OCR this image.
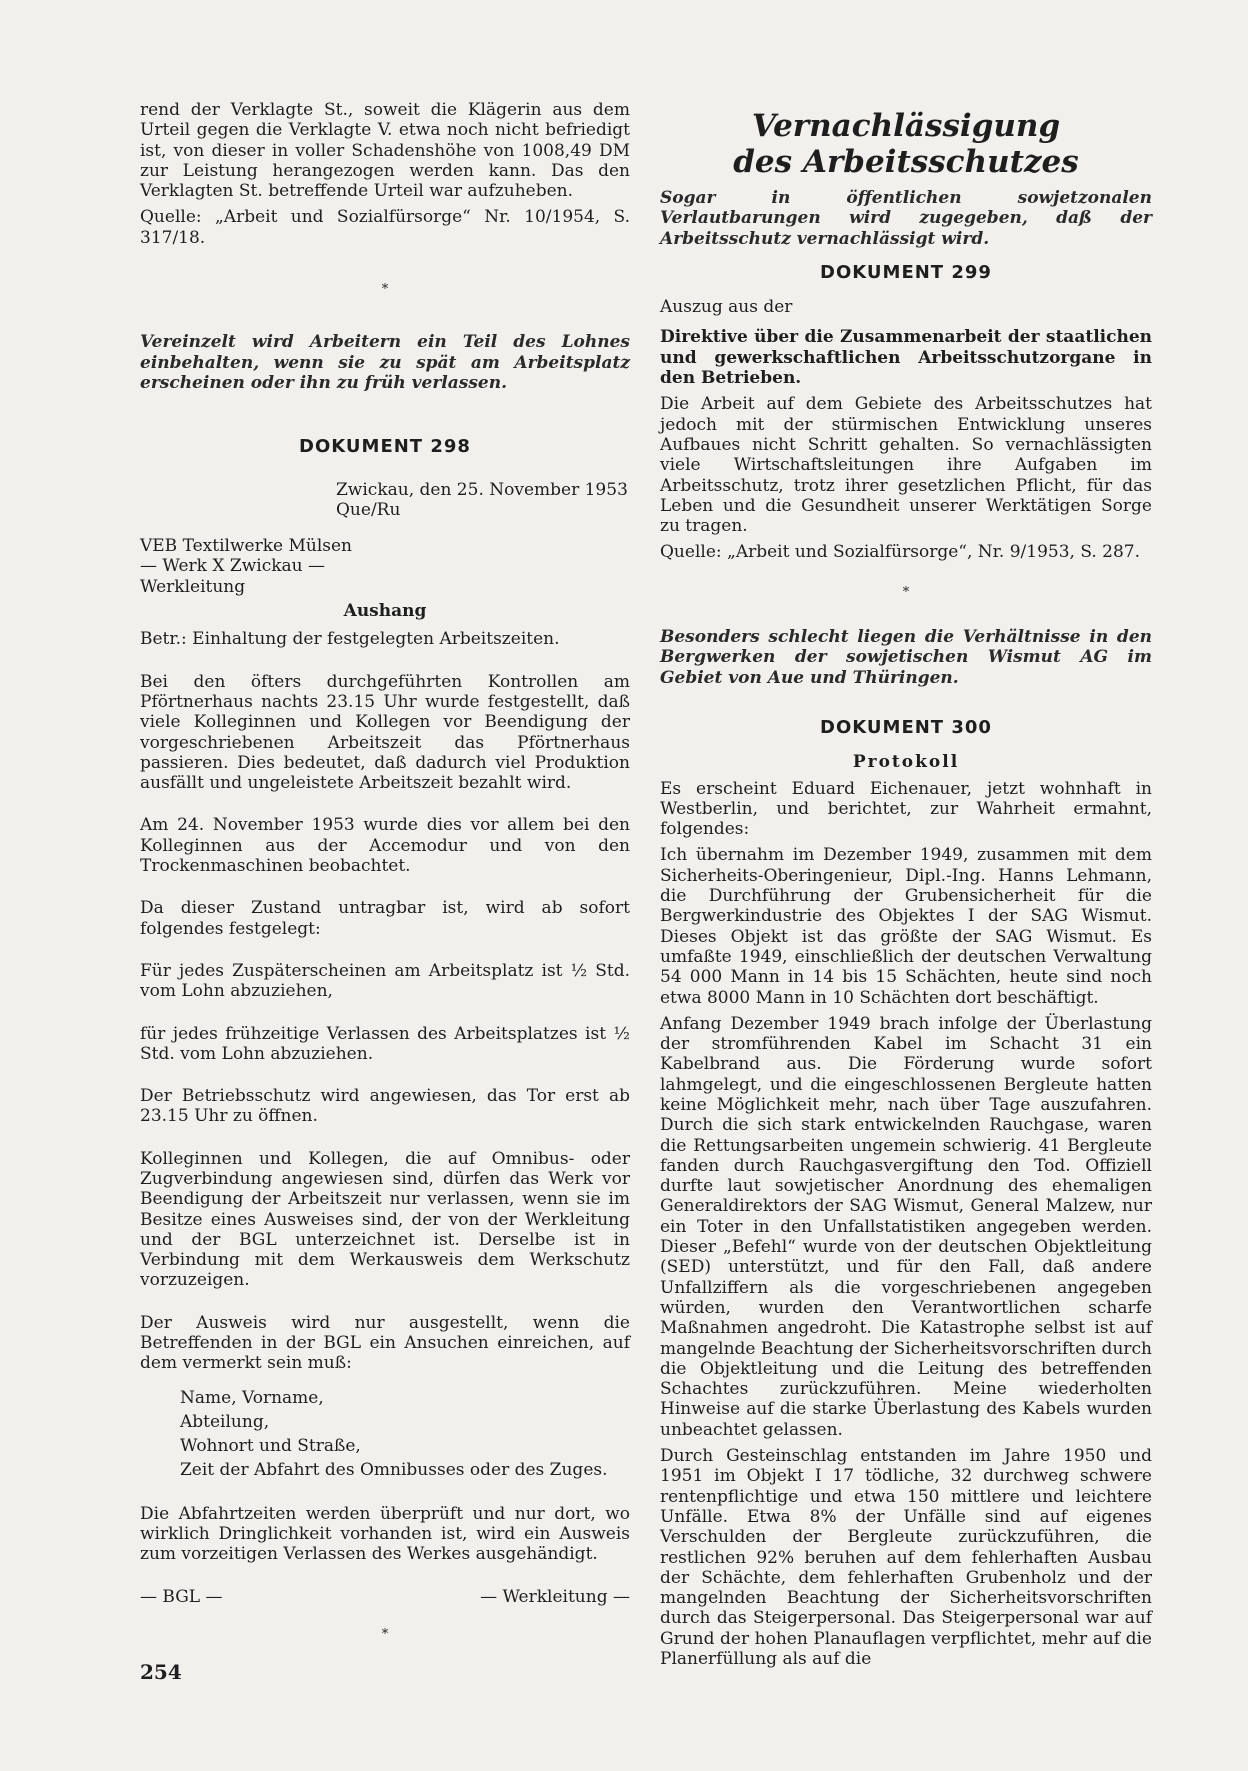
rend der Verklagte St., soweit die Klägerin aus dem Urteil gegen die Verklagte V. etwa noch nicht befriedigt ist, von dieser in voller Schadenshöhe von 1008,49 DM zur Leistung herangezogen werden kann. Das den Verklagten St. betreffende Urteil war aufzuheben.

Quelle: „Arbeit und Sozialfürsorge“ Nr. 10/1954, S. 317/18.

*

Vereinzelt wird Arbeitern ein Teil des Lohnes einbehalten, wenn sie zu spät am Arbeitsplatz erscheinen oder ihn zu früh verlassen.

DOKUMENT 298

Zwickau, den 25. November 1953

Que/Ru

VEB Textilwerke Mülsen

— Werk X Zwickau —

Werkleitung

Aushang

Betr.: Einhaltung der festgelegten Arbeitszeiten.

Bei den öfters durchgeführten Kontrollen am Pförtnerhaus nachts 23.15 Uhr wurde festgestellt, daß viele Kolleginnen und Kollegen vor Beendigung der vorgeschriebenen Arbeitszeit das Pförtnerhaus passieren. Dies bedeutet, daß dadurch viel Produktion ausfällt und ungeleistete Arbeitszeit bezahlt wird.

Am 24. November 1953 wurde dies vor allem bei den Kolleginnen aus der Accemodur und von den Trockenmaschinen beobachtet.

Da dieser Zustand untragbar ist, wird ab sofort folgendes festgelegt:

Für jedes Zuspäterscheinen am Arbeitsplatz ist ½ Std. vom Lohn abzuziehen,

für jedes frühzeitige Verlassen des Arbeitsplatzes ist ½ Std. vom Lohn abzuziehen.

Der Betriebsschutz wird angewiesen, das Tor erst ab 23.15 Uhr zu öffnen.

Kolleginnen und Kollegen, die auf Omnibus- oder Zugverbindung angewiesen sind, dürfen das Werk vor Beendigung der Arbeitszeit nur verlassen, wenn sie im Besitze eines Ausweises sind, der von der Werkleitung und der BGL unterzeichnet ist. Derselbe ist in Verbindung mit dem Werkausweis dem Werkschutz vorzuzeigen.

Der Ausweis wird nur ausgestellt, wenn die Betreffenden in der BGL ein Ansuchen einreichen, auf dem vermerkt sein muß:

Name, Vorname,

Abteilung,

Wohnort und Straße,

Zeit der Abfahrt des Omnibusses oder des Zuges.

Die Abfahrtzeiten werden überprüft und nur dort, wo wirklich Dringlichkeit vorhanden ist, wird ein Ausweis zum vorzeitigen Verlassen des Werkes ausgehändigt.

— BGL —	— Werkleitung —

*

Vernachlässigung
des Arbeitsschutzes

Sogar in öffentlichen sowjetzonalen Verlautbarungen wird zugegeben, daß der Arbeitsschutz vernachlässigt wird.

DOKUMENT 299

Auszug aus der

Direktive über die Zusammenarbeit der staatlichen und gewerkschaftlichen Arbeitsschutzorgane in den Betrieben.

Die Arbeit auf dem Gebiete des Arbeitsschutzes hat jedoch mit der stürmischen Entwicklung unseres Aufbaues nicht Schritt gehalten. So vernachlässigten viele Wirtschaftsleitungen ihre Aufgaben im Arbeitsschutz, trotz ihrer gesetzlichen Pflicht, für das Leben und die Gesundheit unserer Werktätigen Sorge zu tragen.

Quelle: „Arbeit und Sozialfürsorge“, Nr. 9/1953, S. 287.

*

Besonders schlecht liegen die Verhältnisse in den Bergwerken der sowjetischen Wismut AG im Gebiet von Aue und Thüringen.

DOKUMENT 300

Protokoll

Es erscheint Eduard Eichenauer, jetzt wohnhaft in Westberlin, und berichtet, zur Wahrheit ermahnt, folgendes:

Ich übernahm im Dezember 1949, zusammen mit dem Sicherheits-Oberingenieur, Dipl.-Ing. Hanns Lehmann, die Durchführung der Grubensicherheit für die Bergwerkindustrie des Objektes I der SAG Wismut. Dieses Objekt ist das größte der SAG Wismut. Es umfaßte 1949, einschließlich der deutschen Verwaltung 54 000 Mann in 14 bis 15 Schächten, heute sind noch etwa 8000 Mann in 10 Schächten dort beschäftigt.

Anfang Dezember 1949 brach infolge der Überlastung der stromführenden Kabel im Schacht 31 ein Kabelbrand aus. Die Förderung wurde sofort lahmgelegt, und die eingeschlossenen Bergleute hatten keine Möglichkeit mehr, nach über Tage auszufahren. Durch die sich stark entwickelnden Rauchgase, waren die Rettungsarbeiten ungemein schwierig. 41 Bergleute fanden durch Rauchgasvergiftung den Tod. Offiziell durfte laut sowjetischer Anordnung des ehemaligen Generaldirektors der SAG Wismut, General Malzew, nur ein Toter in den Unfallstatistiken angegeben werden. Dieser „Befehl“ wurde von der deutschen Objektleitung (SED) unterstützt, und für den Fall, daß andere Unfallziffern als die vorgeschriebenen angegeben würden, wurden den Verantwortlichen scharfe Maßnahmen angedroht. Die Katastrophe selbst ist auf mangelnde Beachtung der Sicherheitsvorschriften durch die Objektleitung und die Leitung des betreffenden Schachtes zurückzuführen. Meine wiederholten Hinweise auf die starke Überlastung des Kabels wurden unbeachtet gelassen.

Durch Gesteinschlag entstanden im Jahre 1950 und 1951 im Objekt I 17 tödliche, 32 durchweg schwere rentenpflichtige und etwa 150 mittlere und leichtere Unfälle. Etwa 8% der Unfälle sind auf eigenes Verschulden der Bergleute zurückzuführen, die restlichen 92% beruhen auf dem fehlerhaften Ausbau der Schächte, dem fehlerhaften Grubenholz und der mangelnden Beachtung der Sicherheitsvorschriften durch das Steigerpersonal. Das Steigerpersonal war auf Grund der hohen Planauflagen verpflichtet, mehr auf die Planerfüllung als auf die

254
